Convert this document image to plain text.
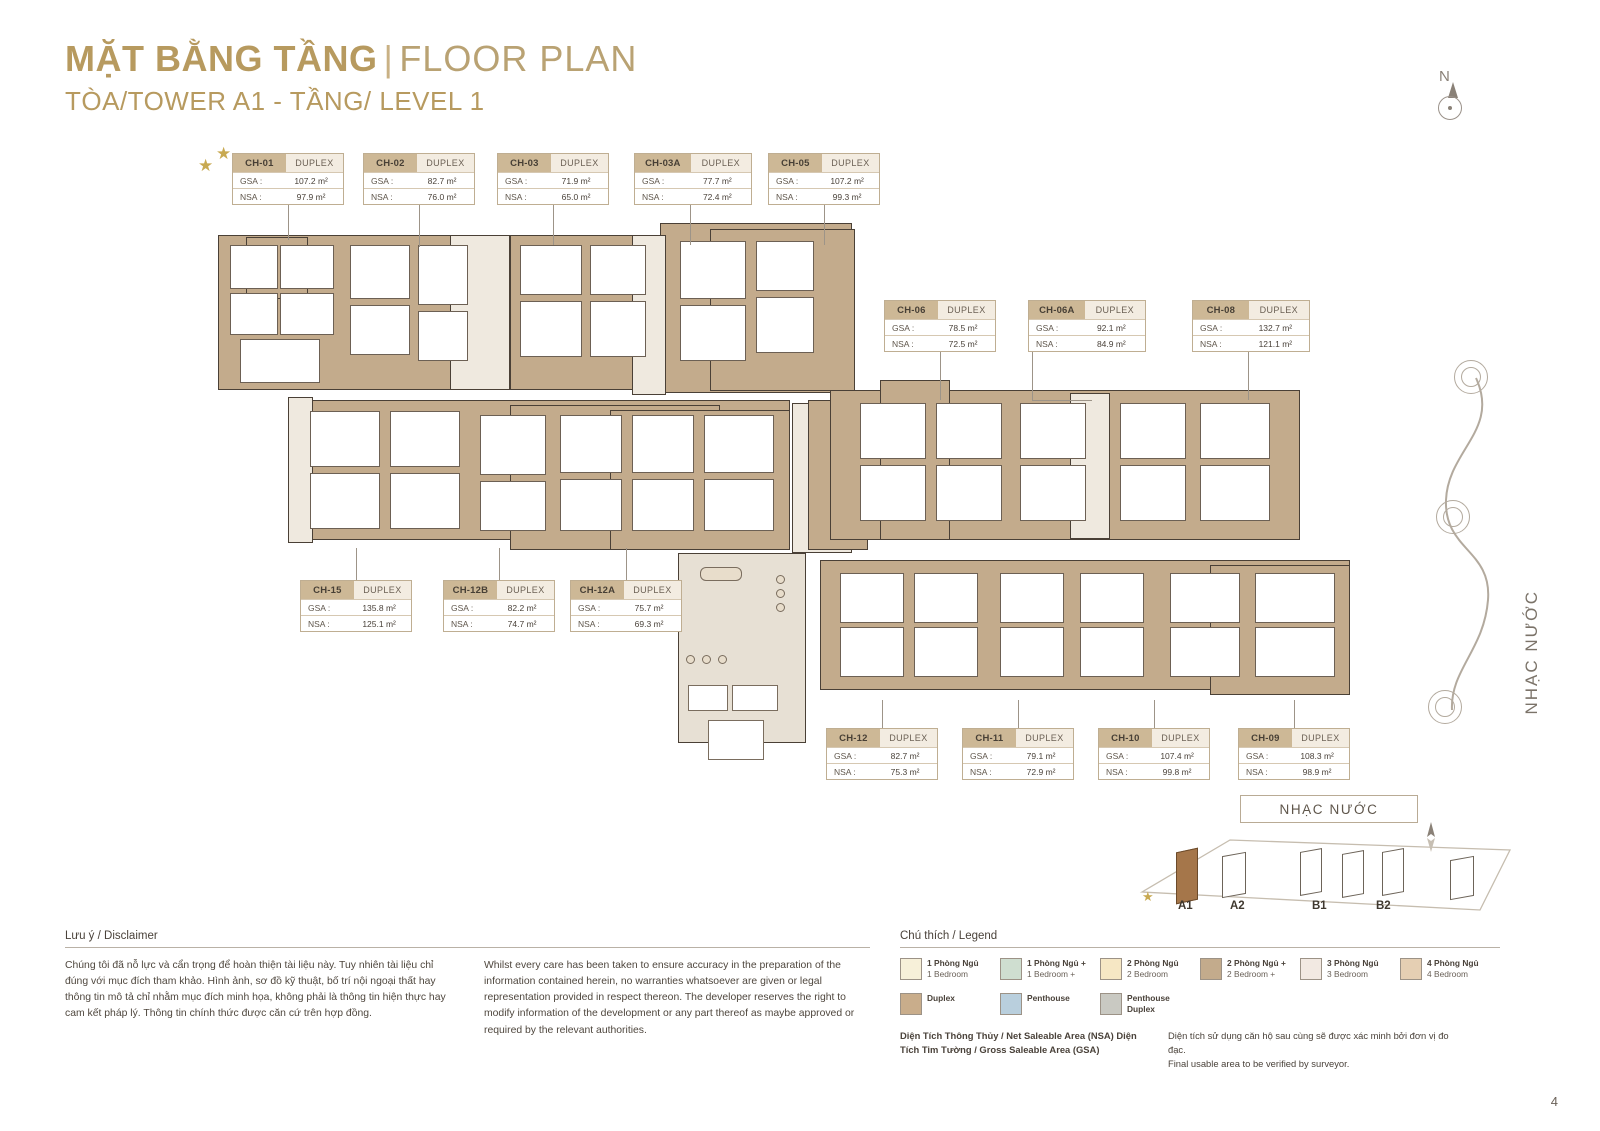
MẶT BẰNG TẦNG | FLOOR PLAN
TÒA/TOWER A1 - TẦNG/ LEVEL 1
N
★	CH-01	DUPLEX
GSA :	107.2 m²
NSA :	97.9 m²
★	CH-02	DUPLEX
GSA :	82.7 m²
NSA :	76.0 m²
CH-03	DUPLEX
GSA :	71.9 m²
NSA :	65.0 m²
CH-03A	DUPLEX
GSA :	77.7 m²
NSA :	72.4 m²
CH-05	DUPLEX
GSA :	107.2 m²
NSA :	99.3 m²
CH-06	DUPLEX
GSA :	78.5 m²
NSA :	72.5 m²
CH-06A	DUPLEX
GSA :	92.1 m²
NSA :	84.9 m²
CH-08	DUPLEX
GSA :	132.7 m²
NSA :	121.1 m²
CH-15	DUPLEX
GSA :	135.8 m²
NSA :	125.1 m²
CH-12B	DUPLEX
GSA :	82.2 m²
NSA :	74.7 m²
CH-12A	DUPLEX
GSA :	75.7 m²
NSA :	69.3 m²
CH-12	DUPLEX
GSA :	82.7 m²
NSA :	75.3 m²
CH-11	DUPLEX
GSA :	79.1 m²
NSA :	72.9 m²
CH-10	DUPLEX
GSA :	107.4 m²
NSA :	99.8 m²
CH-09	DUPLEX
GSA :	108.3 m²
NSA :	98.9 m²
NHẠC NƯỚC
NHẠC NƯỚC
A1	A2	B1	B2
★
Lưu ý / Disclaimer

Chúng tôi đã nỗ lực và cẩn trọng để hoàn thiện tài liệu này. Tuy nhiên tài liệu chỉ đúng với mục đích tham khảo. Hình ảnh, sơ đồ kỹ thuật, bố trí nội ngoại thất hay thông tin mô tả chỉ nhằm mục đích minh họa, không phải là thông tin hiện thực hay cam kết pháp lý. Thông tin chính thức được căn cứ trên hợp đồng.

Whilst every care has been taken to ensure accuracy in the preparation of the information contained herein, no warranties whatsoever are given or legal representation provided in respect thereon. The developer reserves the right to modify information of the development or any part thereof as maybe approved or required by the relevant authorities.

Chú thích / Legend
1 Phòng Ngủ
1 Bedroom
1 Phòng Ngủ +
1 Bedroom +
2 Phòng Ngủ
2 Bedroom
2 Phòng Ngủ +
2 Bedroom +
3 Phòng Ngủ
3 Bedroom
4 Phòng Ngủ
4 Bedroom
Duplex	Penthouse	Penthouse Duplex
Diện Tích Thông Thủy / Net Saleable Area (NSA) Diện Tích Tim Tường / Gross Saleable Area (GSA)
Diện tích sử dụng căn hộ sau cùng sẽ được xác minh bởi đơn vị đo đạc.
Final usable area to be verified by surveyor.
4
